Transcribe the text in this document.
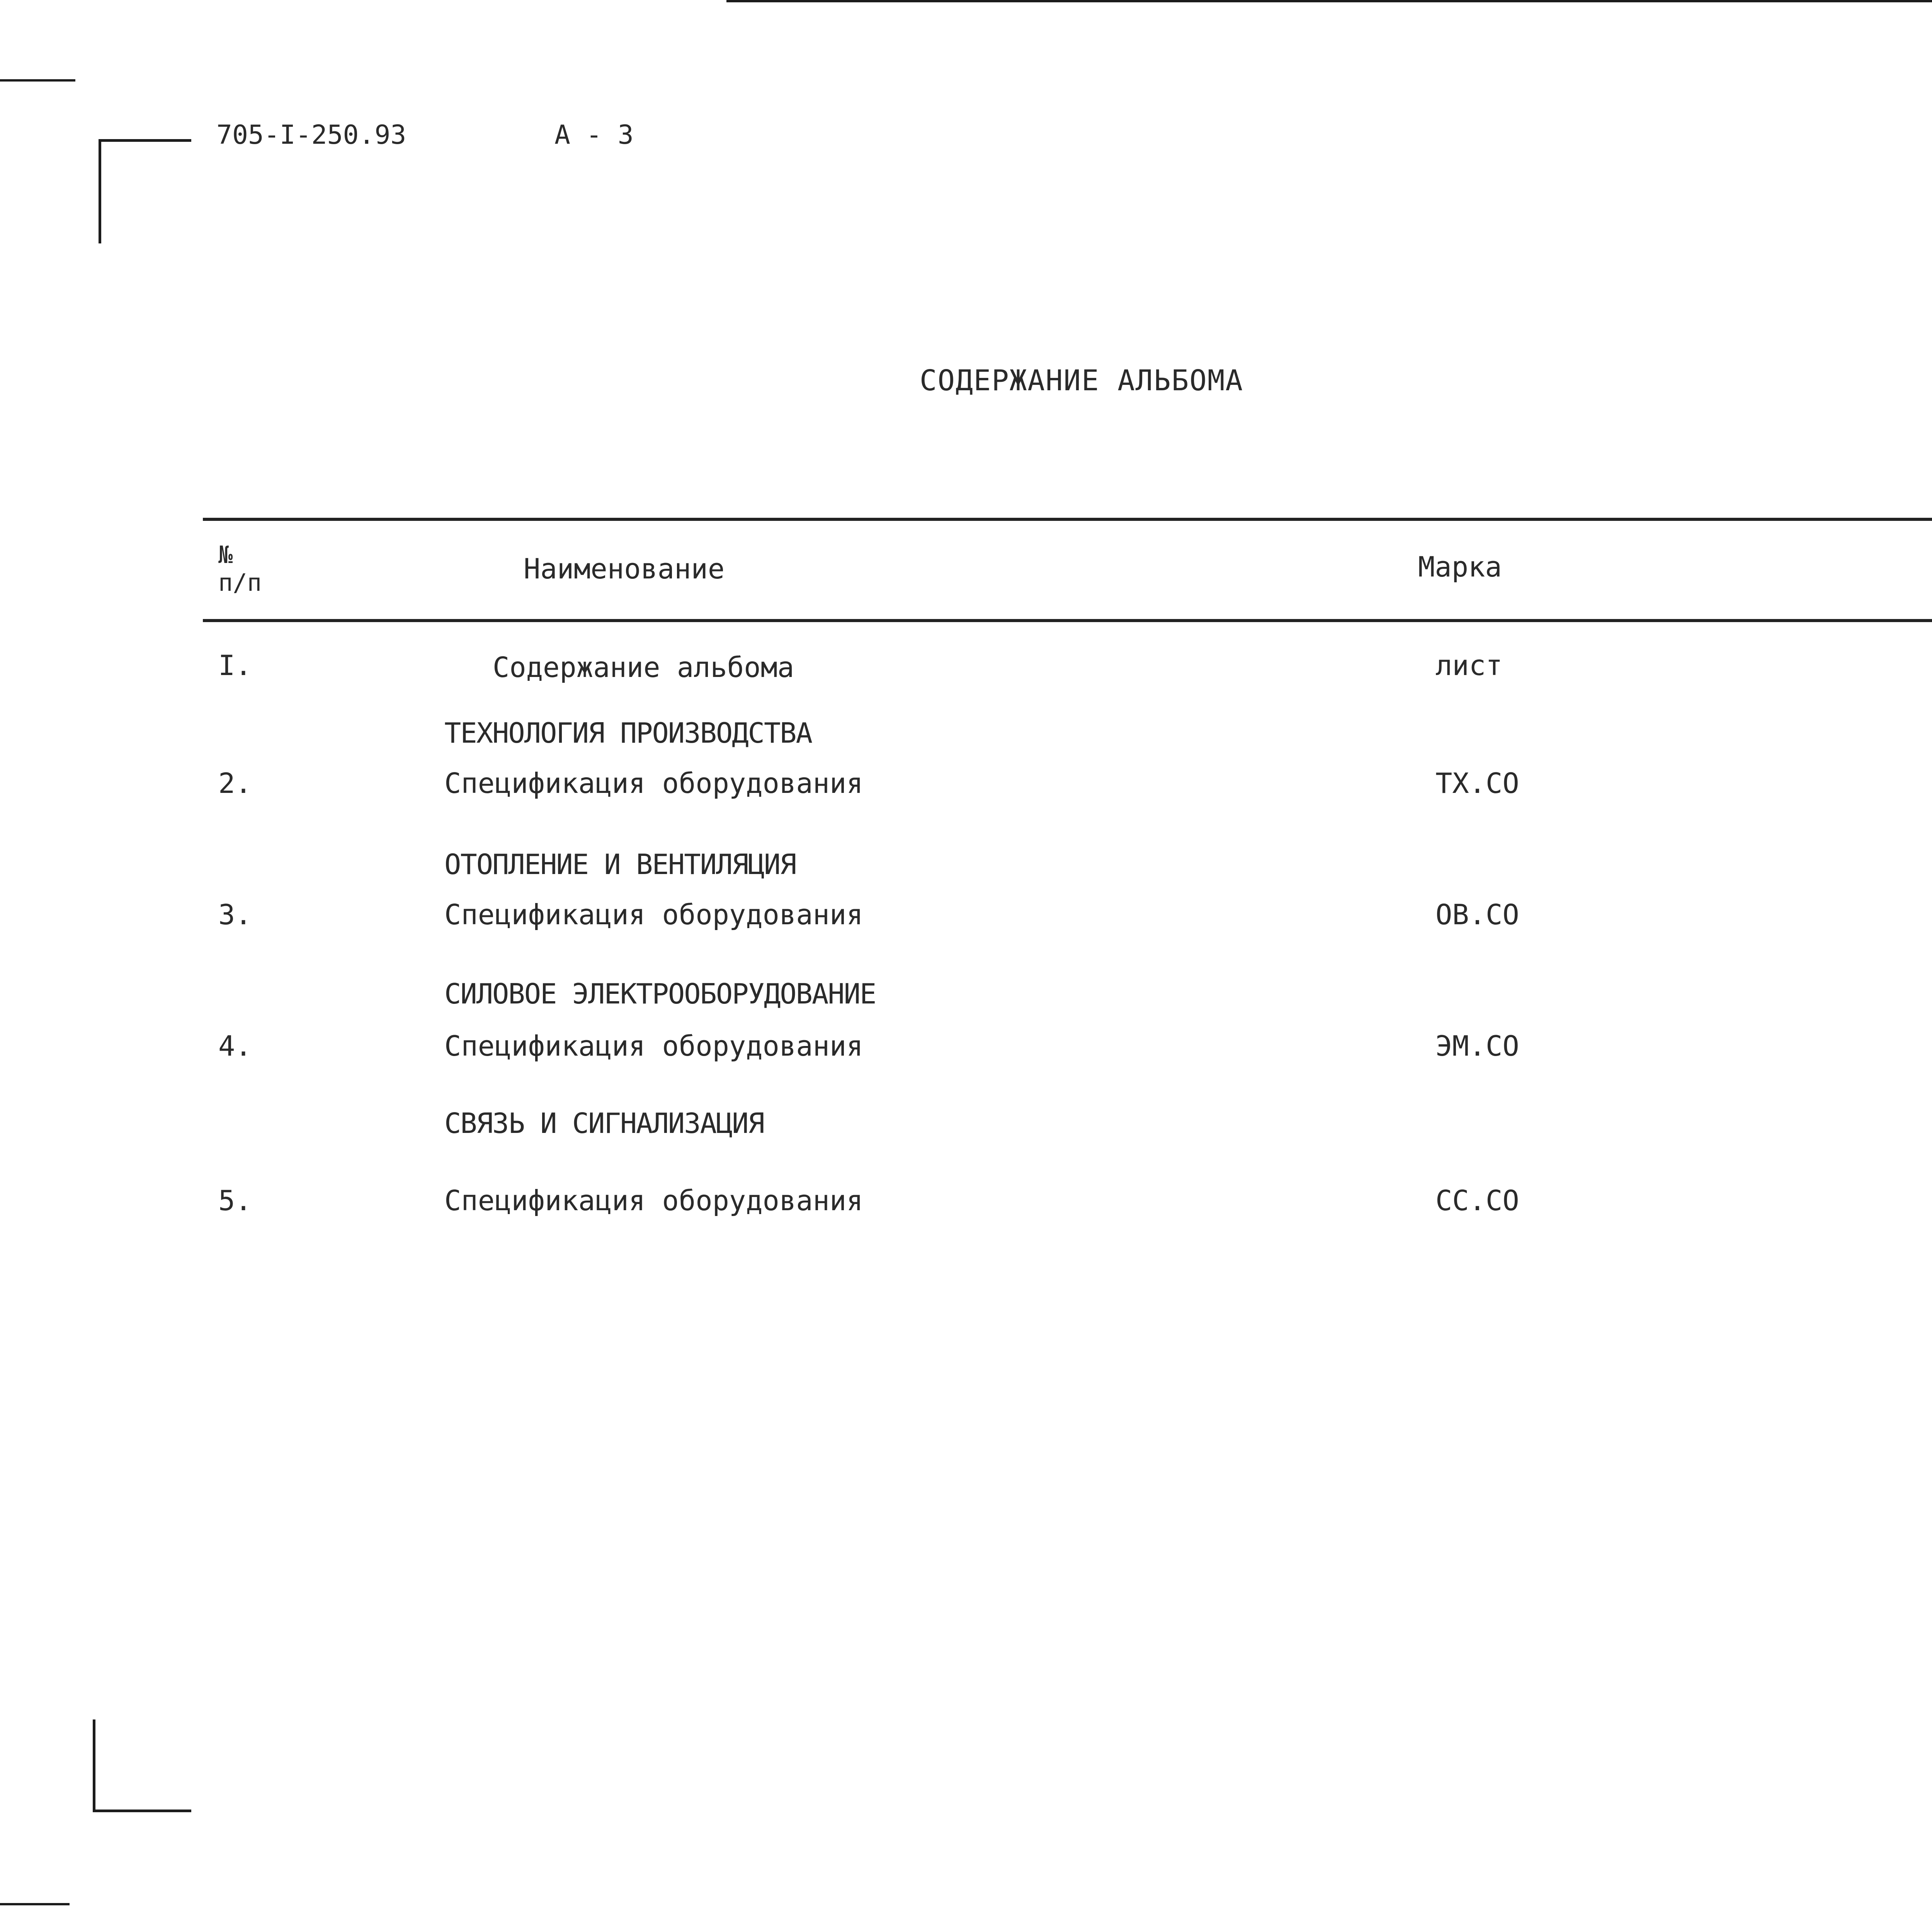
705-I-250.93	А - 3
СОДЕРЖАНИЕ АЛЬБОМА
№
п/п	Наименование	Марка
I.	Содержание альбома	лист
ТЕХНОЛОГИЯ ПРОИЗВОДСТВА
2.	Спецификация оборудования	ТХ.СО
ОТОПЛЕНИЕ И ВЕНТИЛЯЦИЯ
3.	Спецификация оборудования	ОВ.СО
СИЛОВОЕ ЭЛЕКТРООБОРУДОВАНИЕ
4.	Спецификация оборудования	ЭМ.СО
СВЯЗЬ И СИГНАЛИЗАЦИЯ
5.	Спецификация оборудования	СС.СО
